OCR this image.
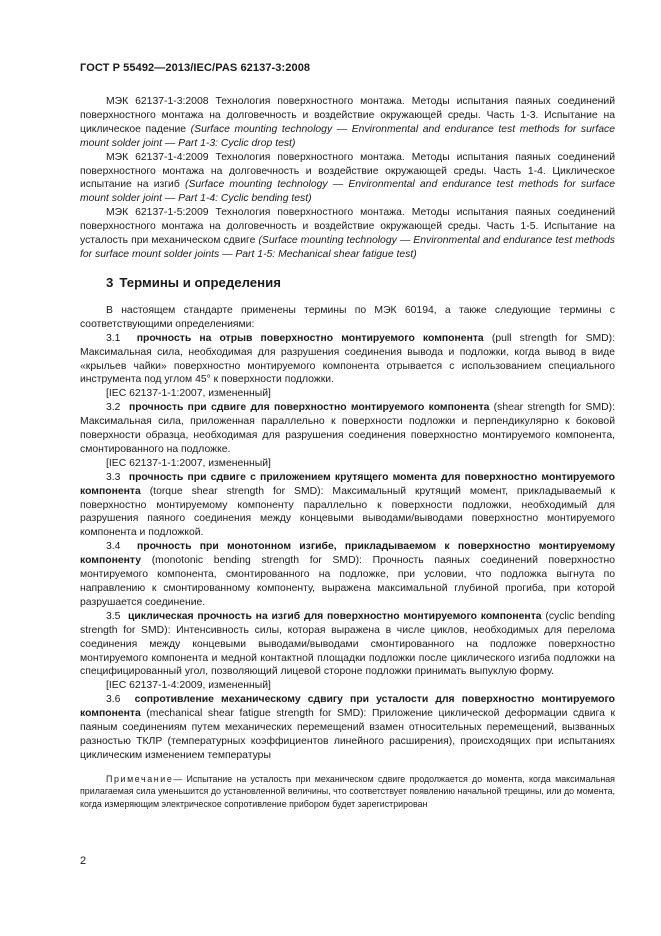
ГОСТ Р 55492—2013/IEC/PAS 62137-3:2008

МЭК 62137-1-3:2008 Технология поверхностного монтажа. Методы испытания паяных соединений поверхностного монтажа на долговечность и воздействие окружающей среды. Часть 1-3. Испытание на циклическое падение (Surface mounting technology — Environmental and endurance test methods for surface mount solder joint — Part 1-3: Cyclic drop test)

МЭК 62137-1-4:2009 Технология поверхностного монтажа. Методы испытания паяных соединений поверхностного монтажа на долговечность и воздействие окружающей среды. Часть 1-4. Циклическое испытание на изгиб (Surface mounting technology — Environmental and endurance test methods for surface mount solder joint — Part 1-4: Cyclic bending test)

МЭК 62137-1-5:2009 Технология поверхностного монтажа. Методы испытания паяных соединений поверхностного монтажа на долговечность и воздействие окружающей среды. Часть 1-5. Испытание на усталость при механическом сдвиге (Surface mounting technology — Environmental and endurance test methods for surface mount solder joints — Part 1-5: Mechanical shear fatigue test)

3 Термины и определения

В настоящем стандарте применены термины по МЭК 60194, а также следующие термины с соответствующими определениями:

3.1 прочность на отрыв поверхностно монтируемого компонента (pull strength for SMD): Максимальная сила, необходимая для разрушения соединения вывода и подложки, когда вывод в виде «крыльев чайки» поверхностно монтируемого компонента отрывается с использованием специального инструмента под углом 45° к поверхности подложки.

[IEC 62137-1-1:2007, измененный]

3.2 прочность при сдвиге для поверхностно монтируемого компонента (shear strength for SMD): Максимальная сила, приложенная параллельно к поверхности подложки и перпендикулярно к боковой поверхности образца, необходимая для разрушения соединения поверхностно монтируемого компонента, смонтированного на подложке.

[IEC 62137-1-1:2007, измененный]

3.3 прочность при сдвиге с приложением крутящего момента для поверхностно монтируемого компонента (torque shear strength for SMD): Максимальный крутящий момент, прикладываемый к поверхностно монтируемому компоненту параллельно к поверхности подложки, необходимый для разрушения паяного соединения между концевыми выводами/выводами поверхностно монтируемого компонента и подложкой.

3.4 прочность при монотонном изгибе, прикладываемом к поверхностно монтируемому компоненту (monotonic bending strength for SMD): Прочность паяных соединений поверхностно монтируемого компонента, смонтированного на подложке, при условии, что подложка выгнута по направлению к смонтированному компоненту, выражена максимальной глубиной прогиба, при которой разрушается соединение.

3.5 циклическая прочность на изгиб для поверхностно монтируемого компонента (cyclic bending strength for SMD): Интенсивность силы, которая выражена в числе циклов, необходимых для перелома соединения между концевыми выводами/выводами смонтированного на подложке поверхностно монтируемого компонента и медной контактной площадки подложки после циклического изгиба подложки на специфицированный угол, позволяющий лицевой стороне подложки принимать выпуклую форму.

[IEC 62137-1-4:2009, измененный]

3.6 сопротивление механическому сдвигу при усталости для поверхностно монтируемого компонента (mechanical shear fatigue strength for SMD): Приложение циклической деформации сдвига к паяным соединениям путем механических перемещений взамен относительных перемещений, вызванных разностью ТКЛР (температурных коэффициентов линейного расширения), происходящих при испытаниях циклическим изменением температуры

Примечание— Испытание на усталость при механическом сдвиге продолжается до момента, когда максимальная прилагаемая сила уменьшится до установленной величины, что соответствует появлению начальной трещины, или до момента, когда измеряющим электрическое сопротивление прибором будет зарегистрирован

2
